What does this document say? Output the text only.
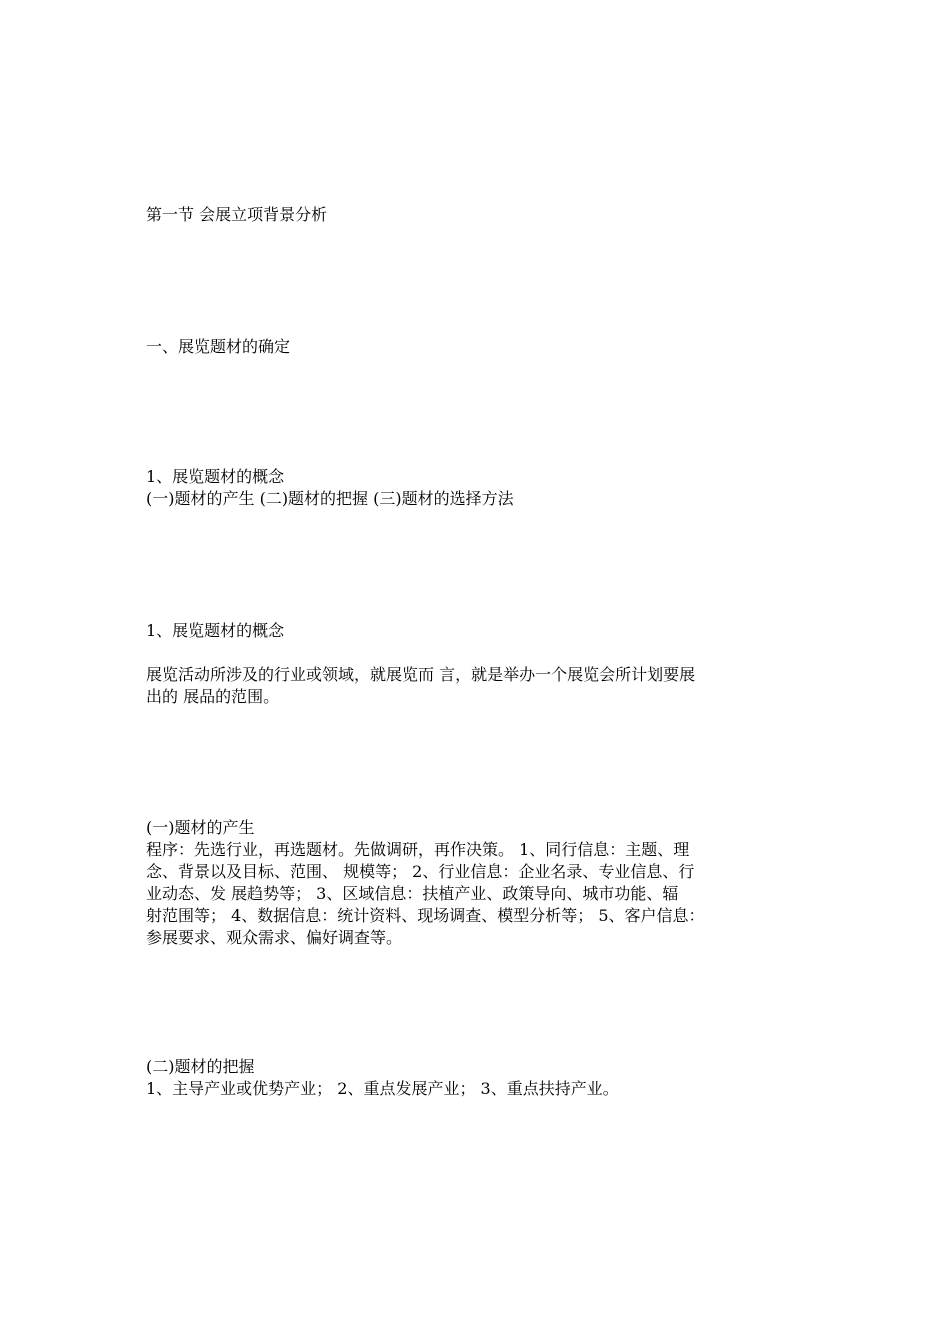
第一节 会展立项背景分析
一、展览题材的确定
1、展览题材的概念
(一)题材的产生 (二)题材的把握 (三)题材的选择方法
1、展览题材的概念
展览活动所涉及的行业或领域，就展览而 言，就是举办一个展览会所计划要展
出的 展品的范围。
(一)题材的产生
程序：先选行业，再选题材。先做调研，再作决策。 1、同行信息：主题、理
念、背景以及目标、范围、 规模等； 2、行业信息：企业名录、专业信息、行
业动态、发 展趋势等； 3、区域信息：扶植产业、政策导向、城市功能、辐
射范围等； 4、数据信息：统计资料、现场调查、模型分析等； 5、客户信息：
参展要求、观众需求、偏好调查等。
(二)题材的把握
1、主导产业或优势产业； 2、重点发展产业； 3、重点扶持产业。
